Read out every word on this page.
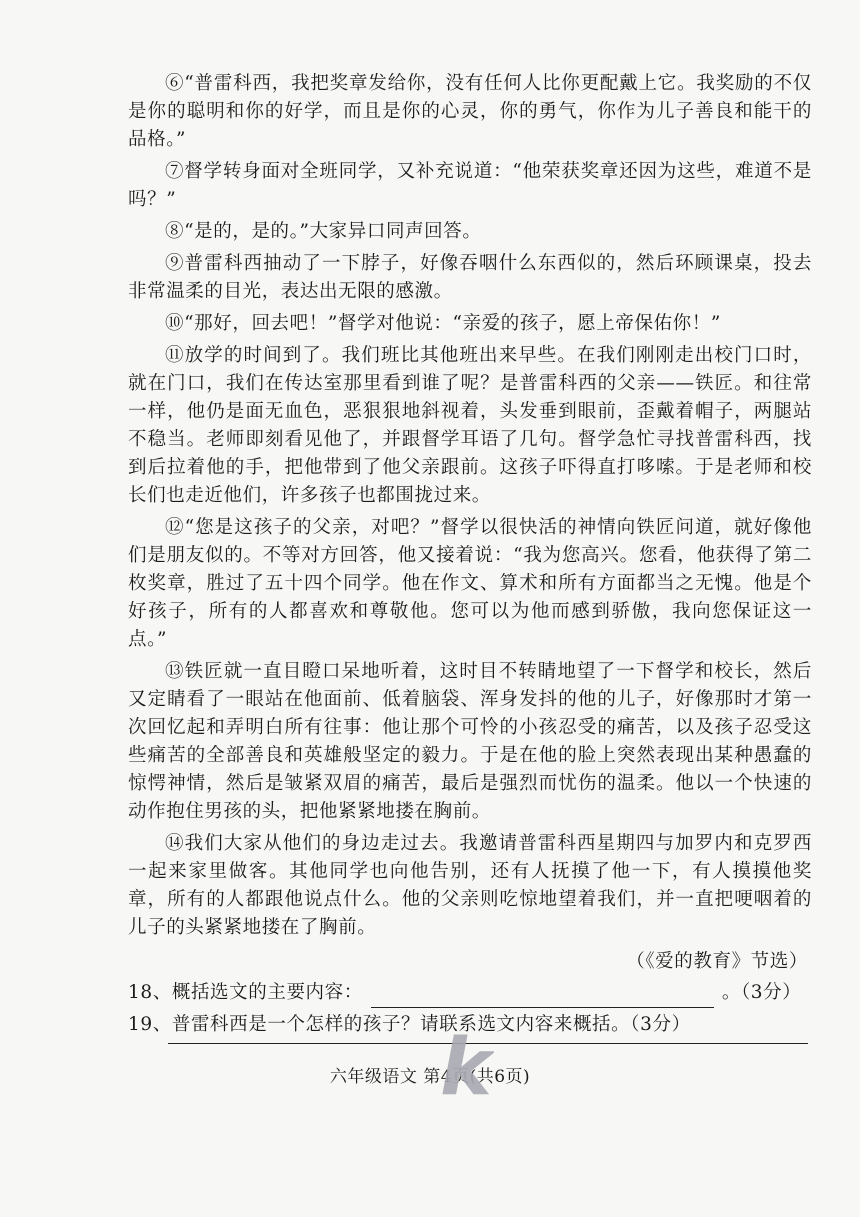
⑥“普雷科西，我把奖章发给你，没有任何人比你更配戴上它。我奖励的不仅是你的聪明和你的好学，而且是你的心灵，你的勇气，你作为儿子善良和能干的品格。”

⑦督学转身面对全班同学，又补充说道：“他荣获奖章还因为这些，难道不是吗？”

⑧“是的，是的。”大家异口同声回答。

⑨普雷科西抽动了一下脖子，好像吞咽什么东西似的，然后环顾课桌，投去非常温柔的目光，表达出无限的感激。

⑩“那好，回去吧！”督学对他说：“亲爱的孩子，愿上帝保佑你！”

⑪放学的时间到了。我们班比其他班出来早些。在我们刚刚走出校门口时，就在门口，我们在传达室那里看到谁了呢？是普雷科西的父亲——铁匠。和往常一样，他仍是面无血色，恶狠狠地斜视着，头发垂到眼前，歪戴着帽子，两腿站不稳当。老师即刻看见他了，并跟督学耳语了几句。督学急忙寻找普雷科西，找到后拉着他的手，把他带到了他父亲跟前。这孩子吓得直打哆嗦。于是老师和校长们也走近他们，许多孩子也都围拢过来。

⑫“您是这孩子的父亲，对吧？”督学以很快活的神情向铁匠问道，就好像他们是朋友似的。不等对方回答，他又接着说：“我为您高兴。您看，他获得了第二枚奖章，胜过了五十四个同学。他在作文、算术和所有方面都当之无愧。他是个好孩子，所有的人都喜欢和尊敬他。您可以为他而感到骄傲，我向您保证这一点。”

⑬铁匠就一直目瞪口呆地听着，这时目不转睛地望了一下督学和校长，然后又定睛看了一眼站在他面前、低着脑袋、浑身发抖的他的儿子，好像那时才第一次回忆起和弄明白所有往事：他让那个可怜的小孩忍受的痛苦，以及孩子忍受这些痛苦的全部善良和英雄般坚定的毅力。于是在他的脸上突然表现出某种愚蠢的惊愕神情，然后是皱紧双眉的痛苦，最后是强烈而忧伤的温柔。他以一个快速的动作抱住男孩的头，把他紧紧地搂在胸前。

⑭我们大家从他们的身边走过去。我邀请普雷科西星期四与加罗内和克罗西一起来家里做客。其他同学也向他告别，还有人抚摸了他一下，有人摸摸他奖章，所有的人都跟他说点什么。他的父亲则吃惊地望着我们，并一直把哽咽着的儿子的头紧紧地搂在了胸前。

（《爱的教育》节选）
18、概括选文的主要内容：	。（3分）
19、普雷科西是一个怎样的孩子？请联系选文内容来概括。（3分）
六年级语文 第4页(共6页)
k
